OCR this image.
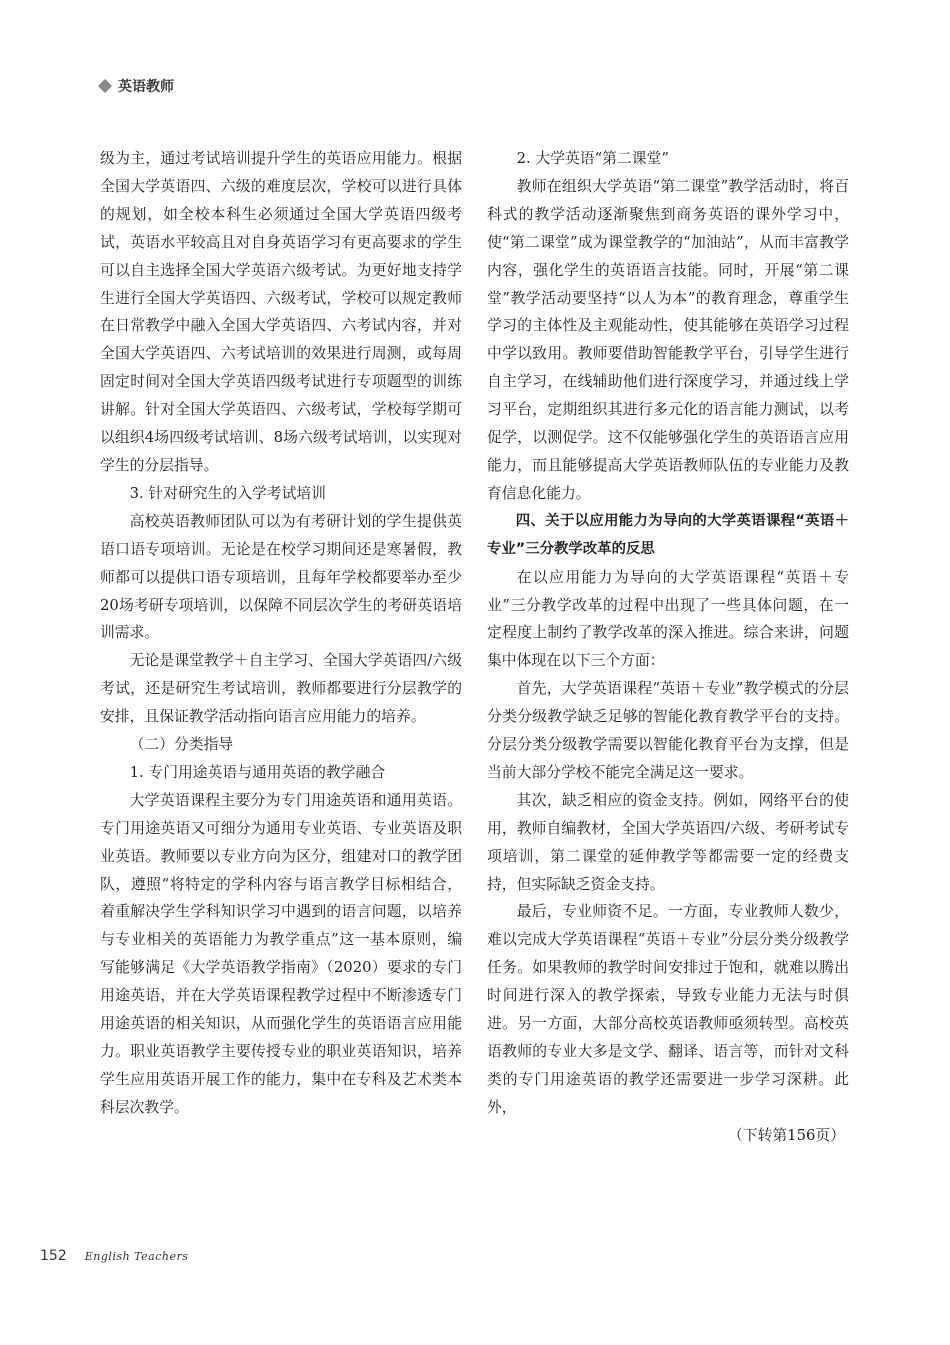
英语教师

级为主，通过考试培训提升学生的英语应用能力。根据全国大学英语四、六级的难度层次，学校可以进行具体的规划，如全校本科生必须通过全国大学英语四级考试，英语水平较高且对自身英语学习有更高要求的学生可以自主选择全国大学英语六级考试。为更好地支持学生进行全国大学英语四、六级考试，学校可以规定教师在日常教学中融入全国大学英语四、六考试内容，并对全国大学英语四、六考试培训的效果进行周测，或每周固定时间对全国大学英语四级考试进行专项题型的训练讲解。针对全国大学英语四、六级考试，学校每学期可以组织4场四级考试培训、8场六级考试培训，以实现对学生的分层指导。

3. 针对研究生的入学考试培训

高校英语教师团队可以为有考研计划的学生提供英语口语专项培训。无论是在校学习期间还是寒暑假，教师都可以提供口语专项培训，且每年学校都要举办至少20场考研专项培训，以保障不同层次学生的考研英语培训需求。

无论是课堂教学＋自主学习、全国大学英语四/六级考试，还是研究生考试培训，教师都要进行分层教学的安排，且保证教学活动指向语言应用能力的培养。

（二）分类指导

1. 专门用途英语与通用英语的教学融合

大学英语课程主要分为专门用途英语和通用英语。专门用途英语又可细分为通用专业英语、专业英语及职业英语。教师要以专业方向为区分，组建对口的教学团队，遵照“将特定的学科内容与语言教学目标相结合，着重解决学生学科知识学习中遇到的语言问题，以培养与专业相关的英语能力为教学重点”这一基本原则，编写能够满足《大学英语教学指南》（2020）要求的专门用途英语，并在大学英语课程教学过程中不断渗透专门用途英语的相关知识，从而强化学生的英语语言应用能力。职业英语教学主要传授专业的职业英语知识，培养学生应用英语开展工作的能力，集中在专科及艺术类本科层次教学。

2. 大学英语“第二课堂”

教师在组织大学英语“第二课堂”教学活动时，将百科式的教学活动逐渐聚焦到商务英语的课外学习中，使“第二课堂”成为课堂教学的“加油站”，从而丰富教学内容，强化学生的英语语言技能。同时，开展“第二课堂”教学活动要坚持“以人为本”的教育理念，尊重学生学习的主体性及主观能动性，使其能够在英语学习过程中学以致用。教师要借助智能教学平台，引导学生进行自主学习，在线辅助他们进行深度学习，并通过线上学习平台，定期组织其进行多元化的语言能力测试，以考促学，以测促学。这不仅能够强化学生的英语语言应用能力，而且能够提高大学英语教师队伍的专业能力及教育信息化能力。

四、关于以应用能力为导向的大学英语课程“英语＋专业”三分教学改革的反思

在以应用能力为导向的大学英语课程“英语＋专业”三分教学改革的过程中出现了一些具体问题，在一定程度上制约了教学改革的深入推进。综合来讲，问题集中体现在以下三个方面：

首先，大学英语课程“英语＋专业”教学模式的分层分类分级教学缺乏足够的智能化教育教学平台的支持。分层分类分级教学需要以智能化教育平台为支撑，但是当前大部分学校不能完全满足这一要求。

其次，缺乏相应的资金支持。例如，网络平台的使用，教师自编教材，全国大学英语四/六级、考研考试专项培训，第二课堂的延伸教学等都需要一定的经费支持，但实际缺乏资金支持。

最后，专业师资不足。一方面，专业教师人数少，难以完成大学英语课程“英语＋专业”分层分类分级教学任务。如果教师的教学时间安排过于饱和，就难以腾出时间进行深入的教学探索，导致专业能力无法与时俱进。另一方面，大部分高校英语教师亟须转型。高校英语教师的专业大多是文学、翻译、语言等，而针对文科类的专门用途英语的教学还需要进一步学习深耕。此外，

（下转第156页）

152 English Teachers
